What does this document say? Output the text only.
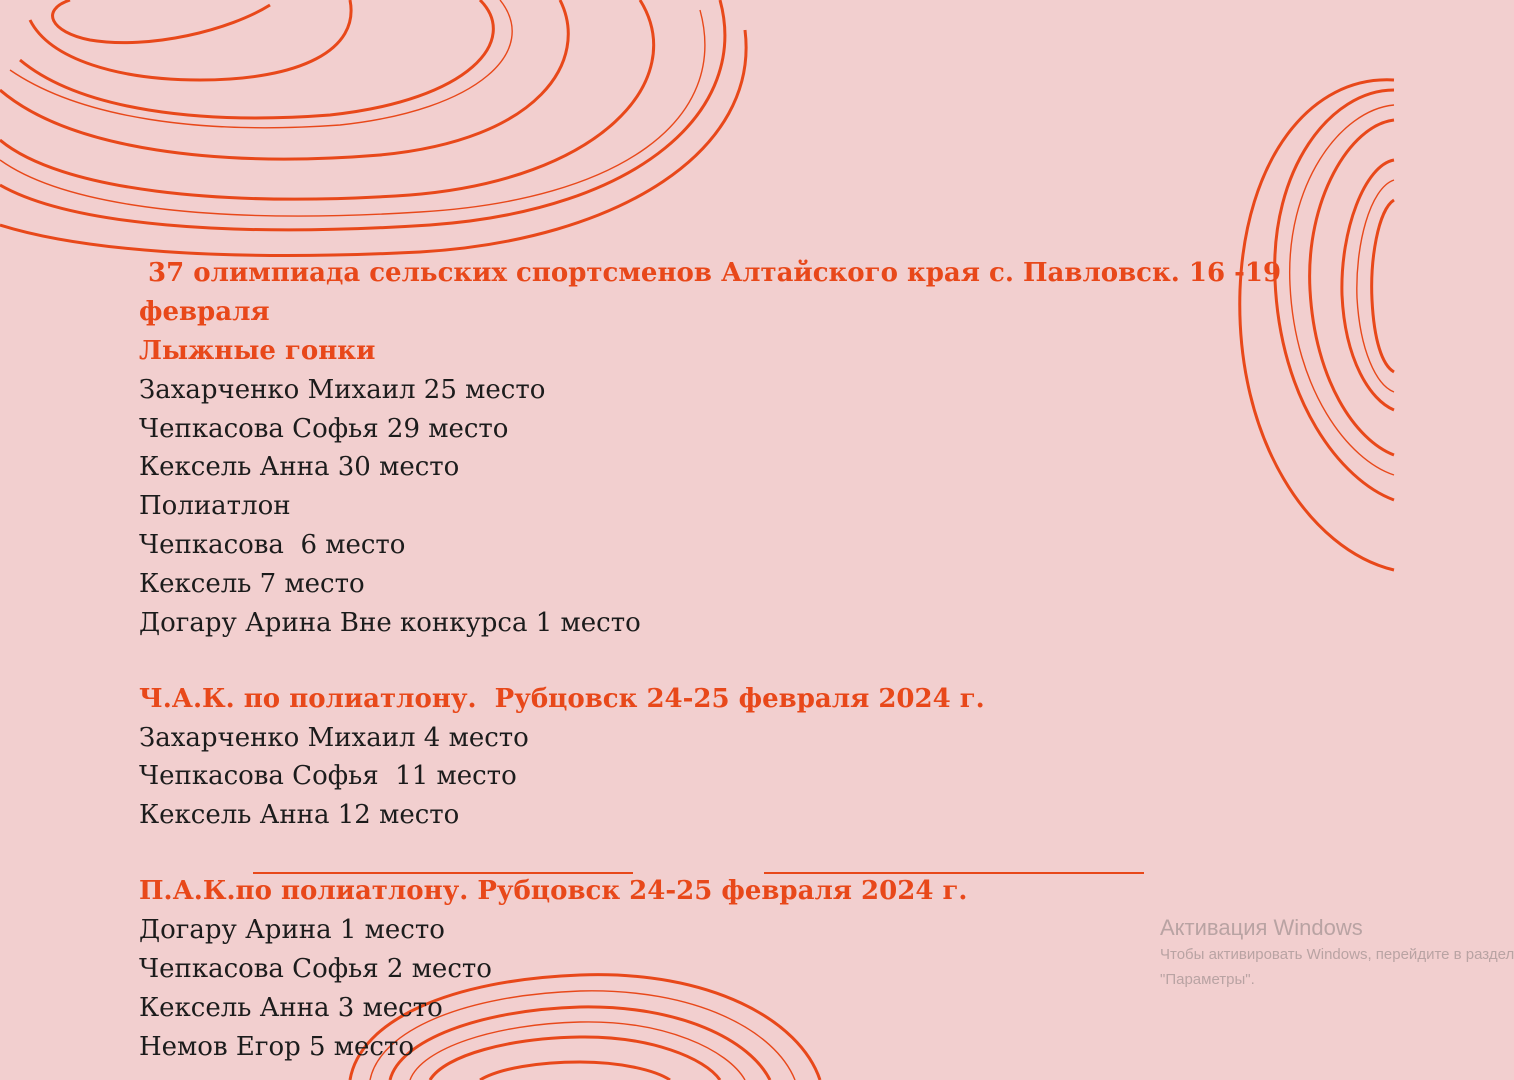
37 олимпиада сельских спортсменов Алтайского края с. Павловск. 16 -19
февраля
Лыжные гонки
Захарченко Михаил 25 место
Чепкасова Софья 29 место
Кексель Анна 30 место
Полиатлон
Чепкасова  6 место
Кексель 7 место
Догару Арина Вне конкурса 1 место
Ч.А.К. по полиатлону.  Рубцовск 24-25 февраля 2024 г.
Захарченко Михаил 4 место
Чепкасова Софья  11 место
Кексель Анна 12 место
П.А.К.по полиатлону. Рубцовск 24-25 февраля 2024 г.
Догару Арина 1 место
Чепкасова Софья 2 место
Кексель Анна 3 место
Немов Егор 5 место
Активация Windows
Чтобы активировать Windows, перейдите в раздел
"Параметры".
